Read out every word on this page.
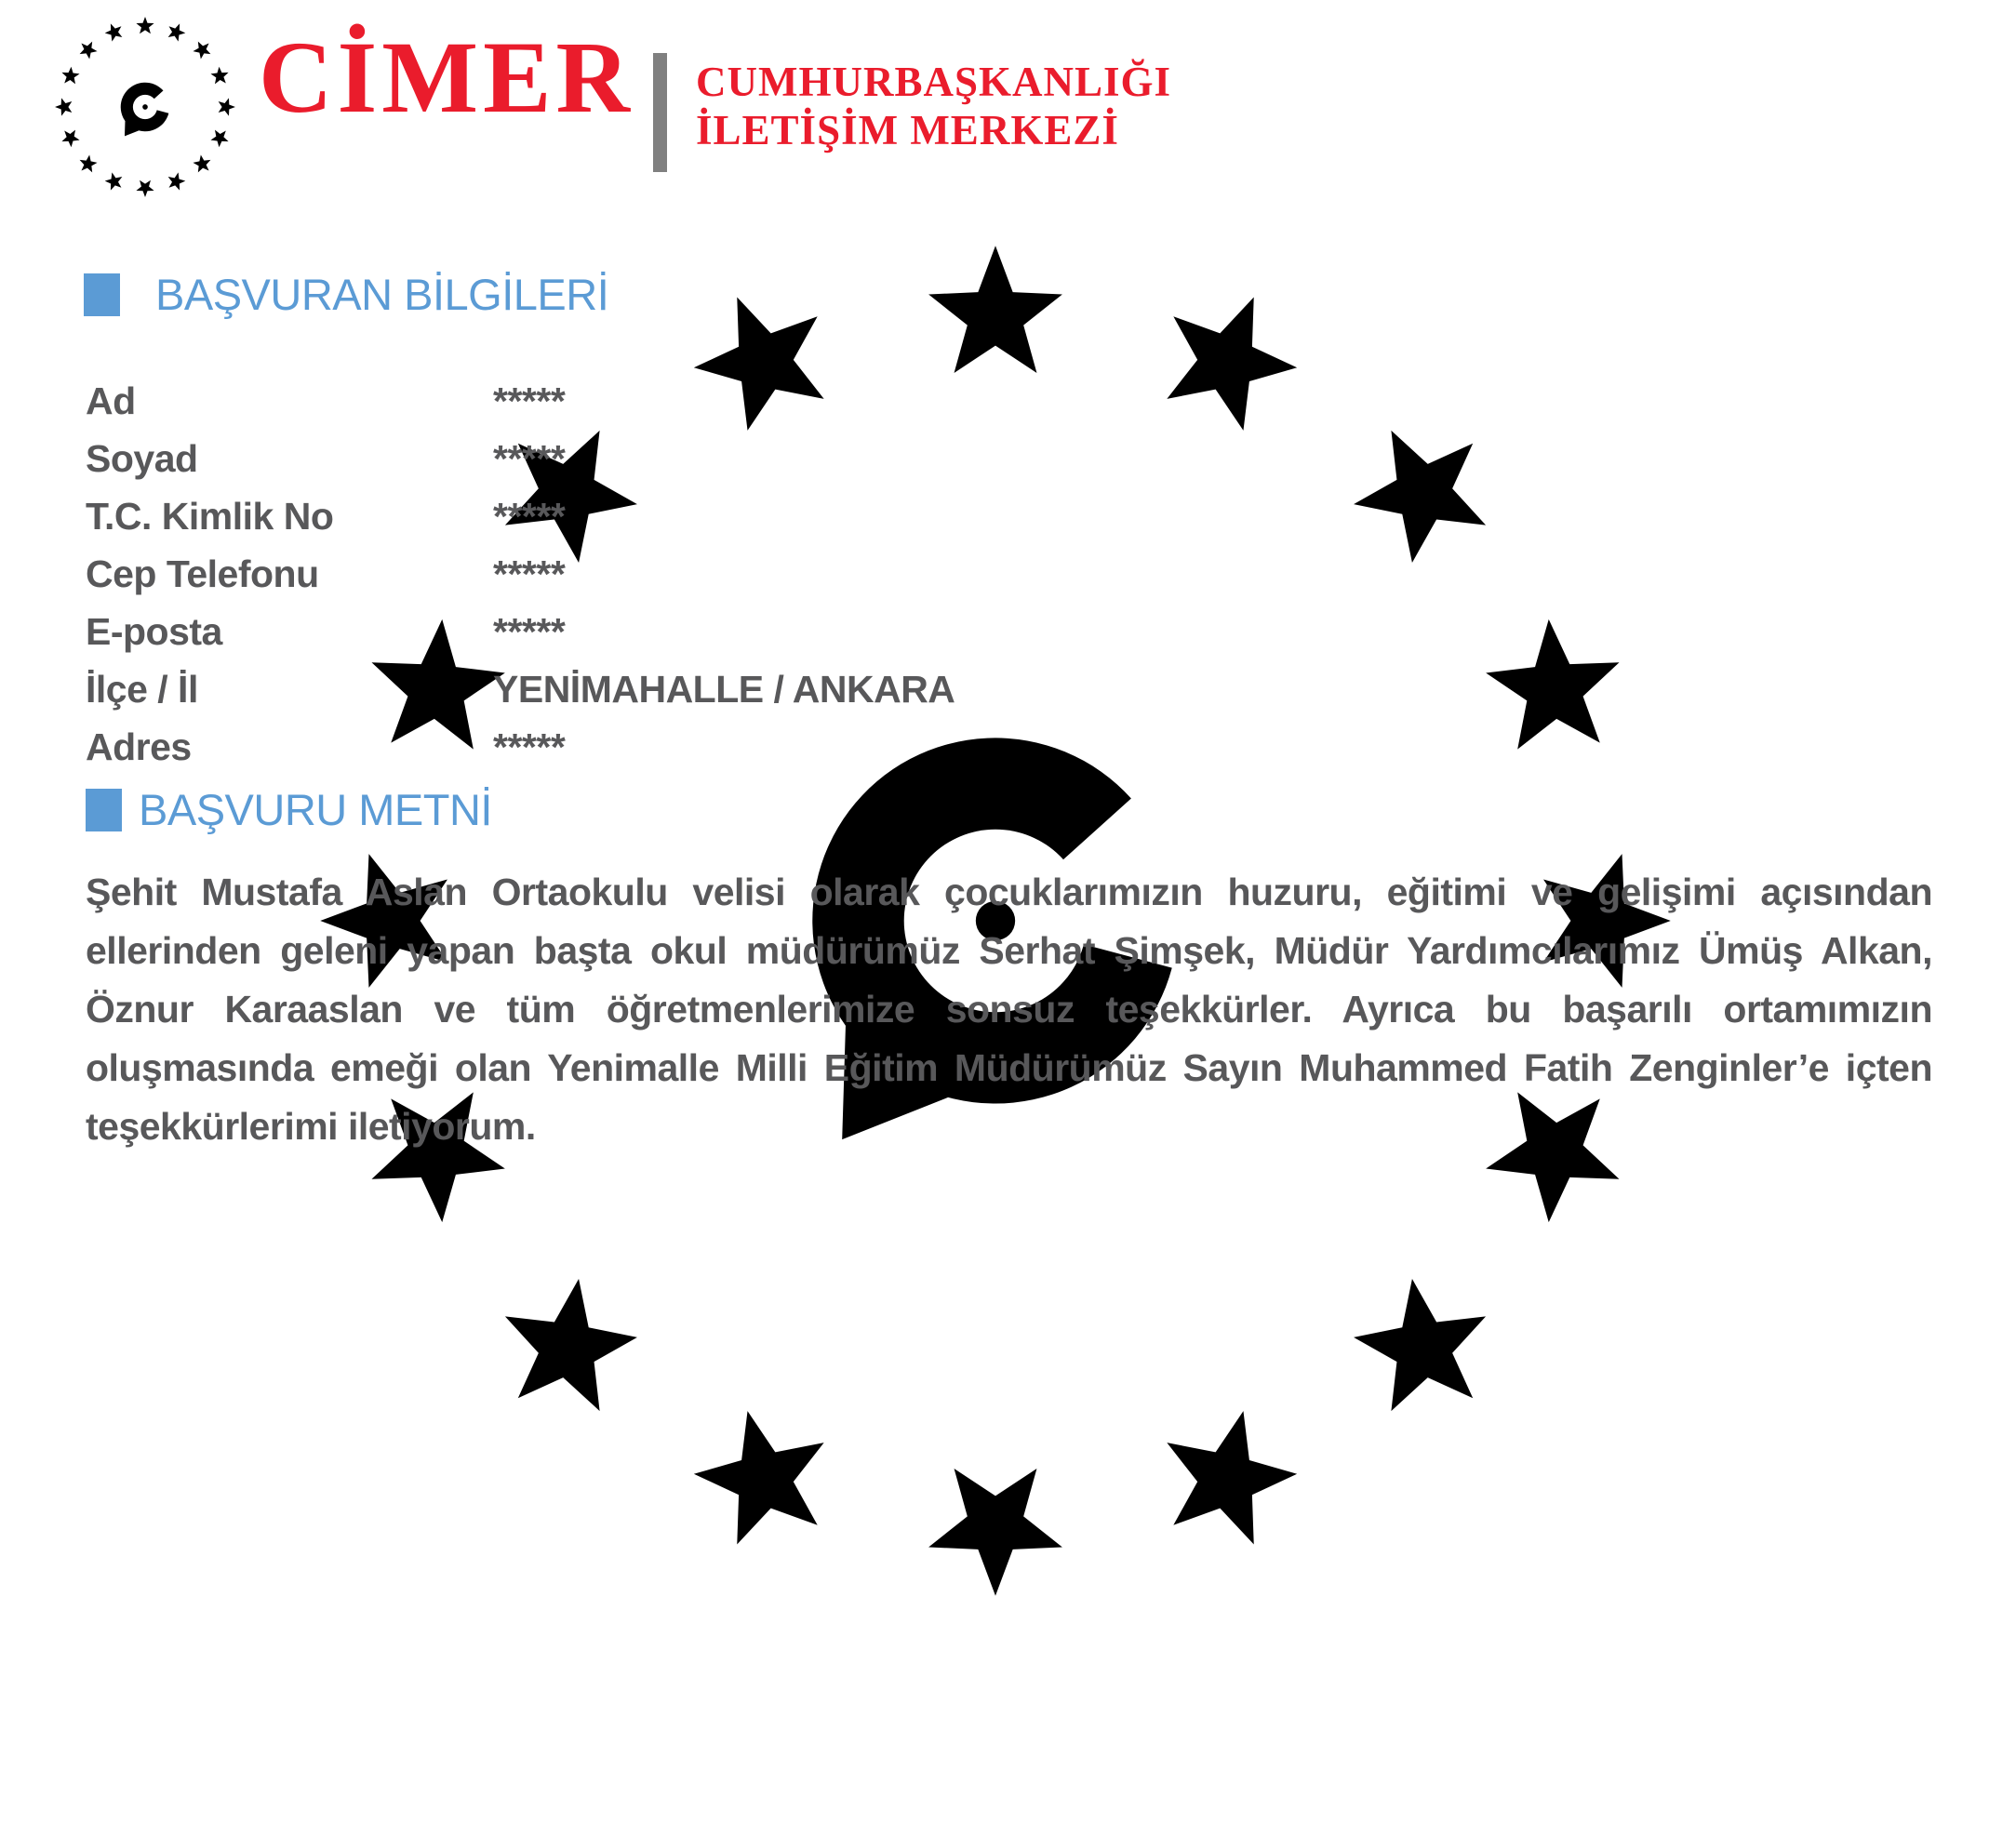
CİMER CUMHURBAŞKANLIĞI
İLETİŞİM MERKEZİ
BAŞVURAN BİLGİLERİ
Ad	*****
Soyad	*****
T.C. Kimlik No	*****
Cep Telefonu	*****
E-posta	*****
İlçe / İl	YENİMAHALLE / ANKARA
Adres	*****
BAŞVURU METNİ
Şehit Mustafa Aslan Ortaokulu velisi olarak çocuklarımızın huzuru, eğitimi ve gelişimi açısından ellerinden geleni yapan başta okul müdürümüz Serhat Şimşek, Müdür Yardımcılarımız Ümüş Alkan, Öznur Karaaslan ve tüm öğretmenlerimize sonsuz teşekkürler. Ayrıca bu başarılı ortamımızın oluşmasında emeği olan Yenimalle Milli Eğitim Müdürümüz Sayın Muhammed Fatih Zenginler’e içten teşekkürlerimi iletiyorum.
